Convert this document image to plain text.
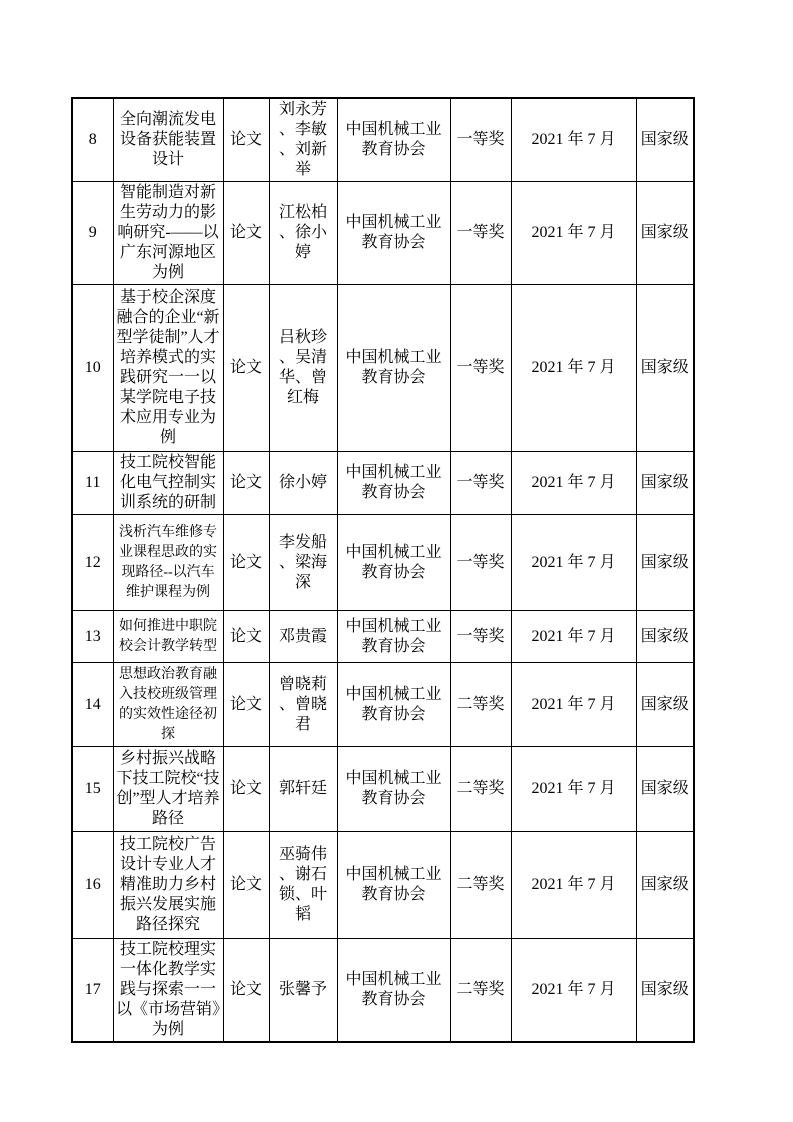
8	全向潮流发电设备获能装置设计	论文	刘永芳、李敏、刘新举	中国机械工业教育协会	一等奖	2021 年 7 月	国家级
9	智能制造对新生劳动力的影响研究-——以广东河源地区为例	论文	江松柏、徐小婷	中国机械工业教育协会	一等奖	2021 年 7 月	国家级
10	基于校企深度融合的企业“新型学徒制”人才培养模式的实践研究一一以某学院电子技术应用专业为例	论文	吕秋珍、吴清华、曾红梅	中国机械工业教育协会	一等奖	2021 年 7 月	国家级
11	技工院校智能化电气控制实训系统的研制	论文	徐小婷	中国机械工业教育协会	一等奖	2021 年 7 月	国家级
12	浅析汽车维修专业课程思政的实现路径--以汽车维护课程为例	论文	李发船、梁海深	中国机械工业教育协会	一等奖	2021 年 7 月	国家级
13	如何推进中职院校会计教学转型	论文	邓贵霞	中国机械工业教育协会	一等奖	2021 年 7 月	国家级
14	思想政治教育融入技校班级管理的实效性途径初探	论文	曾晓莉、曾晓君	中国机械工业教育协会	二等奖	2021 年 7 月	国家级
15	乡村振兴战略下技工院校“技创”型人才培养路径	论文	郭轩廷	中国机械工业教育协会	二等奖	2021 年 7 月	国家级
16	技工院校广告设计专业人才精准助力乡村振兴发展实施路径探究	论文	巫骑伟、谢石锁、叶韬	中国机械工业教育协会	二等奖	2021 年 7 月	国家级
17	技工院校理实一体化教学实践与探索一一以《市场营销》为例	论文	张馨予	中国机械工业教育协会	二等奖	2021 年 7 月	国家级
